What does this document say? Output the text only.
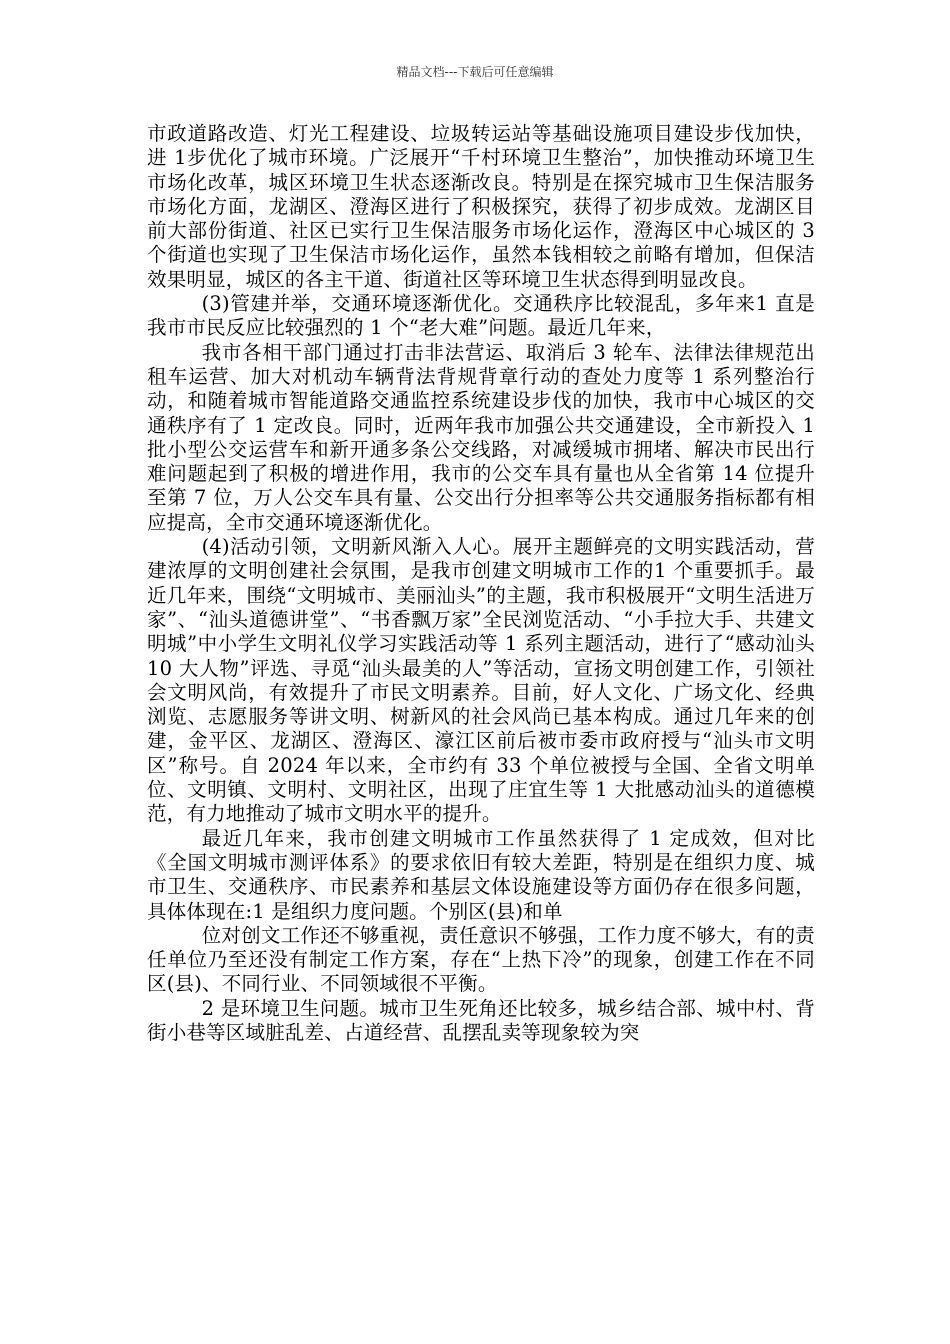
精品文档---下载后可任意编辑

市政道路改造、灯光工程建设、垃圾转运站等基础设施项目建设步伐加快，进 1步优化了城市环境。广泛展开“千村环境卫生整治”，加快推动环境卫生市场化改革，城区环境卫生状态逐渐改良。特别是在探究城市卫生保洁服务市场化方面，龙湖区、澄海区进行了积极探究，获得了初步成效。龙湖区目前大部份街道、社区已实行卫生保洁服务市场化运作，澄海区中心城区的 3 个街道也实现了卫生保洁市场化运作，虽然本钱相较之前略有增加，但保洁效果明显，城区的各主干道、街道社区等环境卫生状态得到明显改良。

(3)管建并举，交通环境逐渐优化。交通秩序比较混乱，多年来1 直是我市市民反应比较强烈的 1 个“老大难”问题。最近几年来，

我市各相干部门通过打击非法营运、取消后 3 轮车、法律法律规范出租车运营、加大对机动车辆背法背规背章行动的查处力度等 1 系列整治行动，和随着城市智能道路交通监控系统建设步伐的加快，我市中心城区的交通秩序有了 1 定改良。同时，近两年我市加强公共交通建设，全市新投入 1 批小型公交运营车和新开通多条公交线路，对减缓城市拥堵、解决市民出行难问题起到了积极的增进作用，我市的公交车具有量也从全省第 14 位提升至第 7 位，万人公交车具有量、公交出行分担率等公共交通服务指标都有相应提高，全市交通环境逐渐优化。

(4)活动引领，文明新风渐入人心。展开主题鲜亮的文明实践活动，营建浓厚的文明创建社会氛围，是我市创建文明城市工作的1 个重要抓手。最近几年来，围绕“文明城市、美丽汕头”的主题，我市积极展开“文明生活进万家”、“汕头道德讲堂”、“书香飘万家”全民浏览活动、“小手拉大手、共建文明城”中小学生文明礼仪学习实践活动等 1 系列主题活动，进行了“感动汕头 10 大人物”评选、寻觅“汕头最美的人”等活动，宣扬文明创建工作，引领社会文明风尚，有效提升了市民文明素养。目前，好人文化、广场文化、经典浏览、志愿服务等讲文明、树新风的社会风尚已基本构成。通过几年来的创建，金平区、龙湖区、澄海区、濠江区前后被市委市政府授与“汕头市文明区”称号。自 2024 年以来，全市约有 33 个单位被授与全国、全省文明单位、文明镇、文明村、文明社区，出现了庄宜生等 1 大批感动汕头的道德模范，有力地推动了城市文明水平的提升。

最近几年来，我市创建文明城市工作虽然获得了 1 定成效，但对比《全国文明城市测评体系》的要求依旧有较大差距，特别是在组织力度、城市卫生、交通秩序、市民素养和基层文体设施建设等方面仍存在很多问题，具体体现在:1 是组织力度问题。个别区(县)和单

位对创文工作还不够重视，责任意识不够强，工作力度不够大，有的责任单位乃至还没有制定工作方案，存在“上热下冷”的现象，创建工作在不同区(县)、不同行业、不同领域很不平衡。

2 是环境卫生问题。城市卫生死角还比较多，城乡结合部、城中村、背街小巷等区域脏乱差、占道经营、乱摆乱卖等现象较为突
